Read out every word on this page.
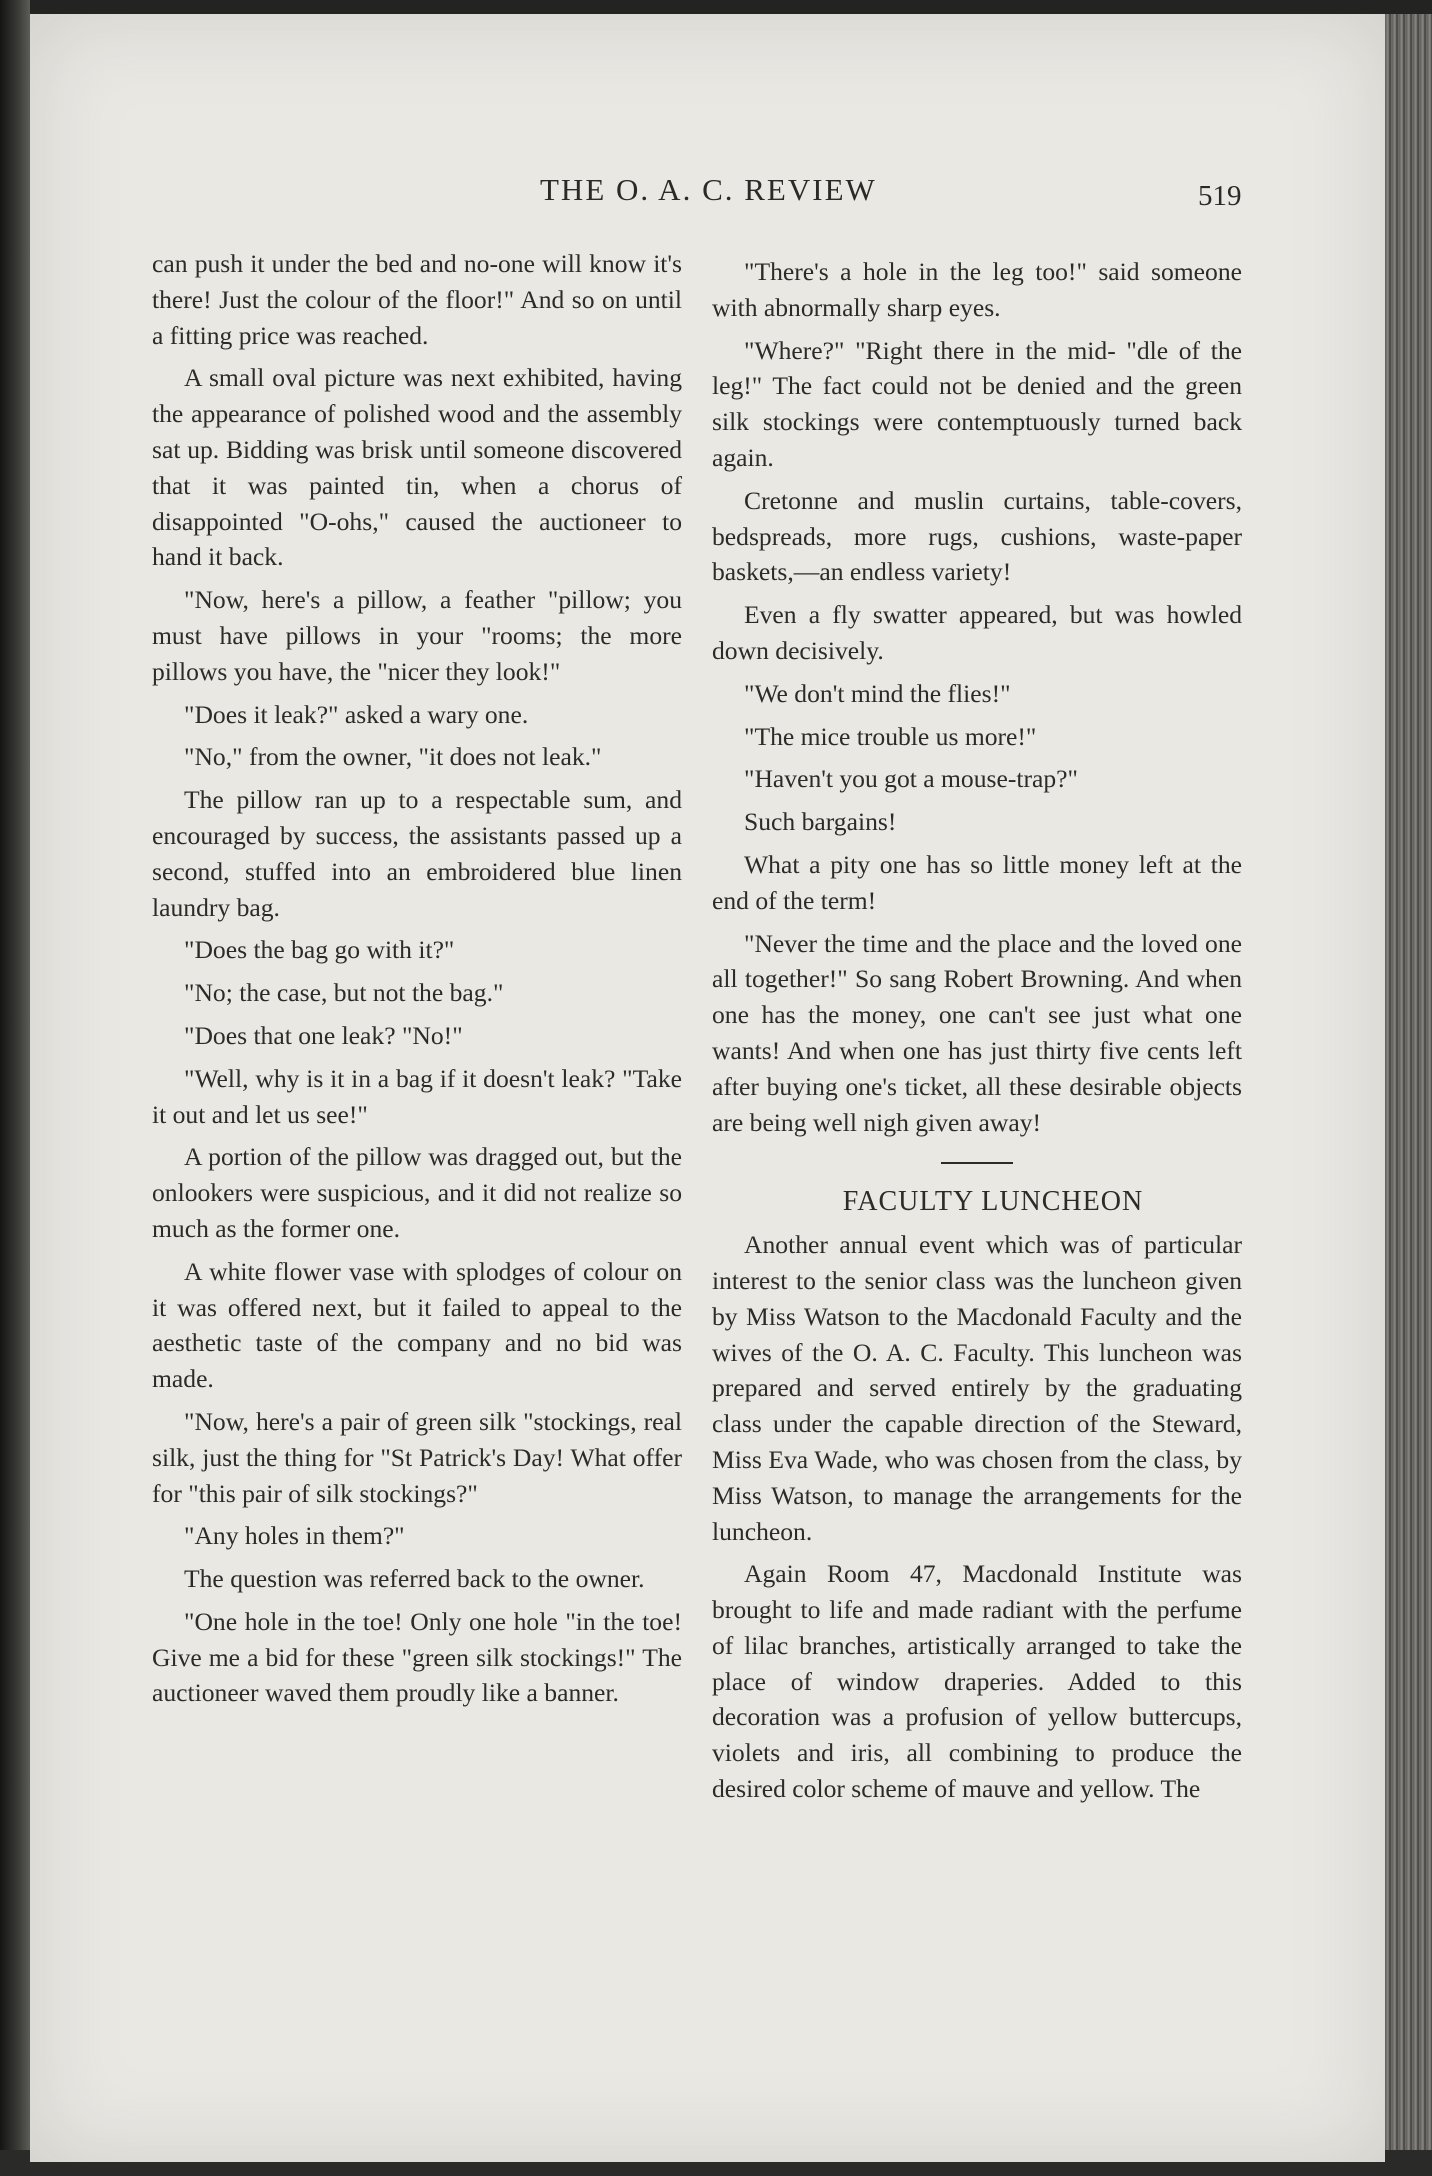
THE O. A. C. REVIEW	519

can push it under the bed and no-one will know it's there! Just the colour of the floor!" And so on until a fitting price was reached.

A small oval picture was next exhibited, having the appearance of polished wood and the assembly sat up. Bidding was brisk until someone discovered that it was painted tin, when a chorus of disappointed "O-ohs," caused the auctioneer to hand it back.

"Now, here's a pillow, a feather "pillow; you must have pillows in your "rooms; the more pillows you have, the "nicer they look!"

"Does it leak?" asked a wary one.

"No," from the owner, "it does not leak."

The pillow ran up to a respectable sum, and encouraged by success, the assistants passed up a second, stuffed into an embroidered blue linen laundry bag.

"Does the bag go with it?"

"No; the case, but not the bag."

"Does that one leak? "No!"

"Well, why is it in a bag if it doesn't leak? "Take it out and let us see!"

A portion of the pillow was dragged out, but the onlookers were suspicious, and it did not realize so much as the former one.

A white flower vase with splodges of colour on it was offered next, but it failed to appeal to the aesthetic taste of the company and no bid was made.

"Now, here's a pair of green silk "stockings, real silk, just the thing for "St Patrick's Day! What offer for "this pair of silk stockings?"

"Any holes in them?"

The question was referred back to the owner.

"One hole in the toe! Only one hole "in the toe! Give me a bid for these "green silk stockings!" The auctioneer waved them proudly like a banner.

"There's a hole in the leg too!" said someone with abnormally sharp eyes.

"Where?" "Right there in the mid- "dle of the leg!" The fact could not be denied and the green silk stockings were contemptuously turned back again.

Cretonne and muslin curtains, table-covers, bedspreads, more rugs, cushions, waste-paper baskets,—an endless variety!

Even a fly swatter appeared, but was howled down decisively.

"We don't mind the flies!"

"The mice trouble us more!"

"Haven't you got a mouse-trap?"

Such bargains!

What a pity one has so little money left at the end of the term!

"Never the time and the place and the loved one all together!" So sang Robert Browning. And when one has the money, one can't see just what one wants! And when one has just thirty five cents left after buying one's ticket, all these desirable objects are being well nigh given away!

FACULTY LUNCHEON

Another annual event which was of particular interest to the senior class was the luncheon given by Miss Watson to the Macdonald Faculty and the wives of the O. A. C. Faculty. This luncheon was prepared and served entirely by the graduating class under the capable direction of the Steward, Miss Eva Wade, who was chosen from the class, by Miss Watson, to manage the arrangements for the luncheon.

Again Room 47, Macdonald Institute was brought to life and made radiant with the perfume of lilac branches, artistically arranged to take the place of window draperies. Added to this decoration was a profusion of yellow buttercups, violets and iris, all combining to produce the desired color scheme of mauve and yellow. The
